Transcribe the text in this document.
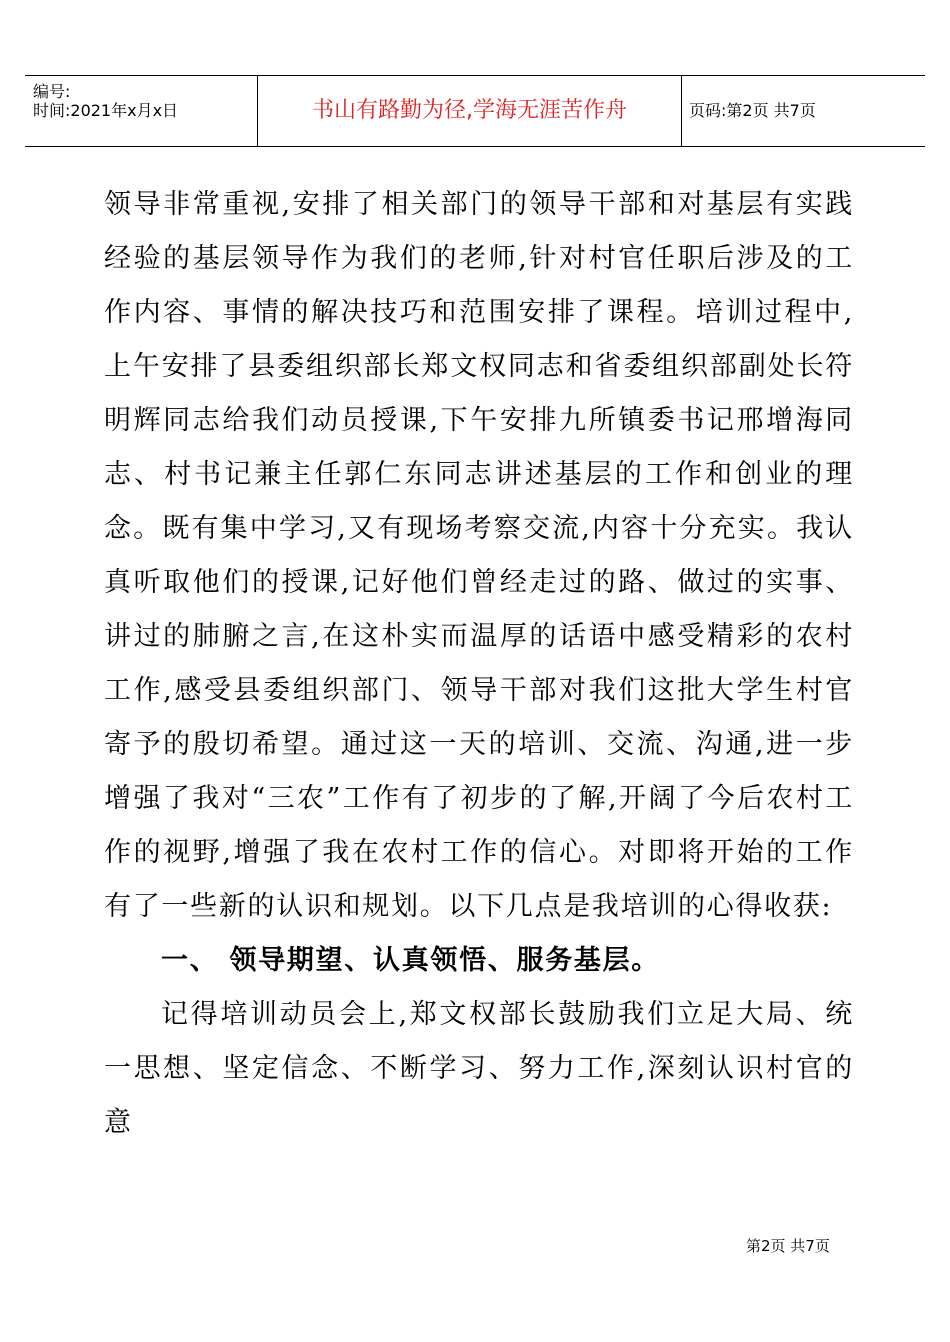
编号:
时间:2021年x月x日	书山有路勤为径,学海无涯苦作舟	页码:第2页 共7页

领导非常重视,安排了相关部门的领导干部和对基层有实践经验的基层领导作为我们的老师,针对村官任职后涉及的工作内容、事情的解决技巧和范围安排了课程。培训过程中,上午安排了县委组织部长郑文权同志和省委组织部副处长符明辉同志给我们动员授课,下午安排九所镇委书记邢增海同志、村书记兼主任郭仁东同志讲述基层的工作和创业的理念。既有集中学习,又有现场考察交流,内容十分充实。我认真听取他们的授课,记好他们曾经走过的路、做过的实事、讲过的肺腑之言,在这朴实而温厚的话语中感受精彩的农村工作,感受县委组织部门、领导干部对我们这批大学生村官寄予的殷切希望。通过这一天的培训、交流、沟通,进一步增强了我对“三农”工作有了初步的了解,开阔了今后农村工作的视野,增强了我在农村工作的信心。对即将开始的工作有了一些新的认识和规划。以下几点是我培训的心得收获:

一、 领导期望、认真领悟、服务基层。

记得培训动员会上,郑文权部长鼓励我们立足大局、统一思想、坚定信念、不断学习、努力工作,深刻认识村官的意

第2页 共7页
